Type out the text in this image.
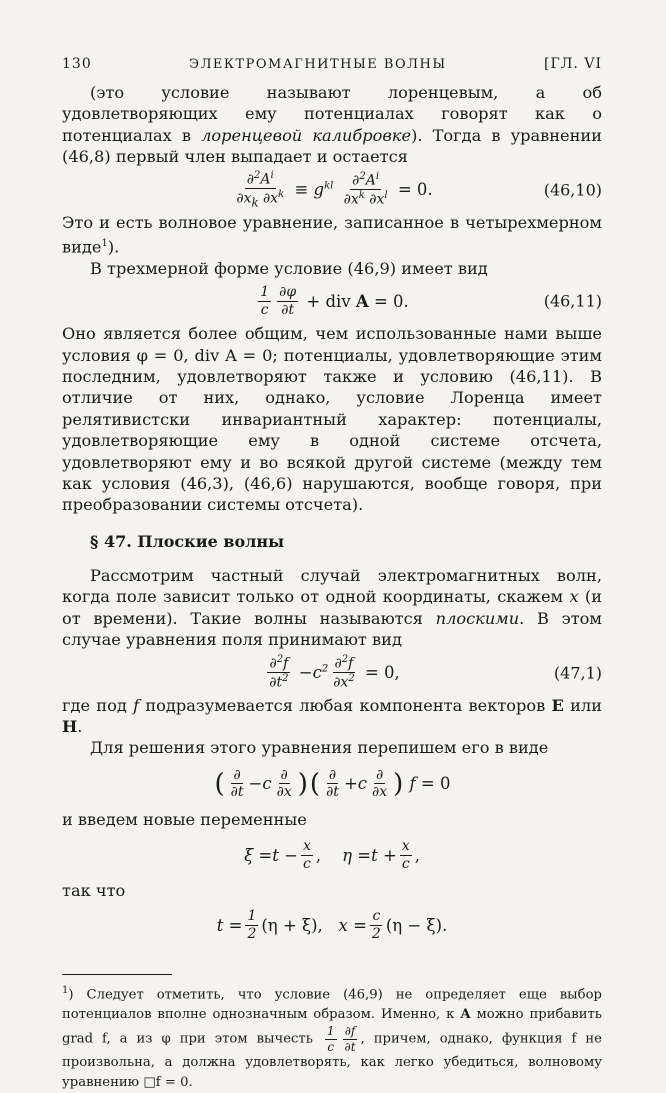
130	ЭЛЕКТРОМАГНИТНЫЕ ВОЛНЫ	[ГЛ. VI

(это условие называют лоренцевым, а об удовлетворяющих ему потенциалах говорят как о потенциалах в лоренцевой калибровке). Тогда в уравнении (46,8) первый член выпадает и остается

$\frac{\partial^2A^i}{\partial x_k \partial x^k} \equiv g^{kl} \frac{\partial^2A^i}{\partial x^k \partial x^l} = 0$.	(46,10)

Это и есть волновое уравнение, записанное в четырехмерном виде$^1$).

В трехмерной форме условие (46,9) имеет вид

$\frac{1}{c} \frac{\partial\varphi}{\partial t}$ + div A = 0.	(46,11)

Оно является более общим, чем использованные нами выше условия φ = 0, div A = 0; потенциалы, удовлетворяющие этим последним, удовлетворяют также и условию (46,11). В отличие от них, однако, условие Лоренца имеет релятивистски инвариантный характер: потенциалы, удовлетворяющие ему в одной системе отсчета, удовлетворяют ему и во всякой другой системе (между тем как условия (46,3), (46,6) нарушаются, вообще говоря, при преобразовании системы отсчета).

§ 47. Плоские волны

Рассмотрим частный случай электромагнитных волн, когда поле зависит только от одной координаты, скажем x (и от времени). Такие волны называются плоскими. В этом случае уравнения поля принимают вид

$\frac{\partial^2f}{\partial t^2} - c^2 \frac{\partial^2f}{\partial x^2} = 0$,	(47,1)

где под f подразумевается любая компонента векторов E или H.

Для решения этого уравнения перепишем его в виде

( $\frac{\partial}{\partial t} - c \frac{\partial}{\partial x}$ ) ( $\frac{\partial}{\partial t} + c \frac{\partial}{\partial x}$ ) f = 0

и введем новые переменные

$\xi = t - \frac{x}{c}$ , $\eta = t + \frac{x}{c}$ ,

так что

$t = \frac{1}{2} (\eta + \xi)$, $x = \frac{c}{2} (\eta - \xi)$.

$^1$) Следует отметить, что условие (46,9) не определяет еще выбор потенциалов вполне однозначным образом. Именно, к A можно прибавить grad f, а из φ при этом вычесть $\frac{1}{c} \frac{\partial f}{\partial t}$ , причем, однако, функция f не произвольна, а должна удовлетворять, как легко убедиться, волновому уравнению □f = 0.
